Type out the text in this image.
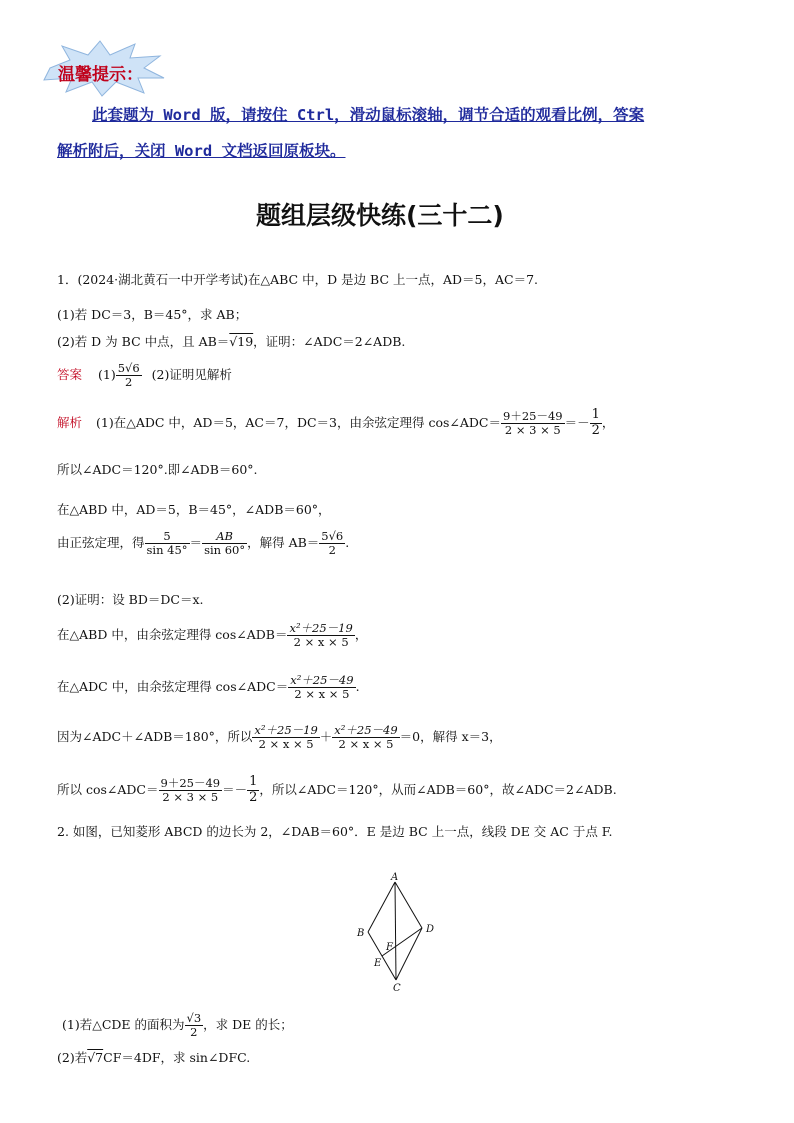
温馨提示：
此套题为 Word 版，请按住 Ctrl，滑动鼠标滚轴，调节合适的观看比例，答案
解析附后，关闭 Word 文档返回原板块。
题组层级快练(三十二)
1．(2024·湖北黄石一中开学考试)在△ABC 中，D 是边 BC 上一点，AD＝5，AC＝7.
(1)若 DC＝3，B＝45°，求 AB；
(2)若 D 为 BC 中点，且 AB＝√19，证明：∠ADC＝2∠ADB.
答案 $(1) \frac{5√6}{2} (2)$证明见解析
解析 (1)在△ADC 中，AD＝5，AC＝7，DC＝3，由余弦定理得 cos∠ADC＝ $\frac{9+25-49}{2 \times 3 \times 5} =- \frac{1}{2}$ ，
所以∠ADC＝120°.即∠ADB＝60°.
在△ABD 中，AD＝5，B＝45°，∠ADB＝60°，
由正弦定理，得 $\frac{5}{\sin 45^\circ} = \frac{AB}{\sin 60^\circ}$ ，解得 $AB= \frac{5√6}{2}$ .
(2)证明：设 BD＝DC＝x.
在△ABD 中，由余弦定理得 cos∠ADB＝ $\frac{\text{x²＋25－19}}{2 \times x \times 5}$ ，
在△ADC 中，由余弦定理得 cos∠ADC＝ $\frac{\text{x²＋25－49}}{2 \times x \times 5}$ .
因为∠ADC＋∠ADB＝180°，所以 $\frac{\text{x²＋25－19}}{2 \times x \times 5} + \frac{\text{x²＋25－49}}{2 \times x \times 5} =0$，解得 x＝3，
所以 cos∠ADC＝ $\frac{9+25-49}{2 \times 3 \times 5} =- \frac{1}{2}$ ，所以∠ADC＝120°，从而∠ADB＝60°，故∠ADC＝2∠ADB.
2. 如图，已知菱形 ABCD 的边长为 2，∠DAB＝60°．E 是边 BC 上一点，线段 DE 交 AC 于点 F.
A
B
C
D
E
F
(1)若△CDE 的面积为 $\frac{√3}{2}$ ，求 DE 的长；
(2)若√7CF＝4DF，求 sin∠DFC.
